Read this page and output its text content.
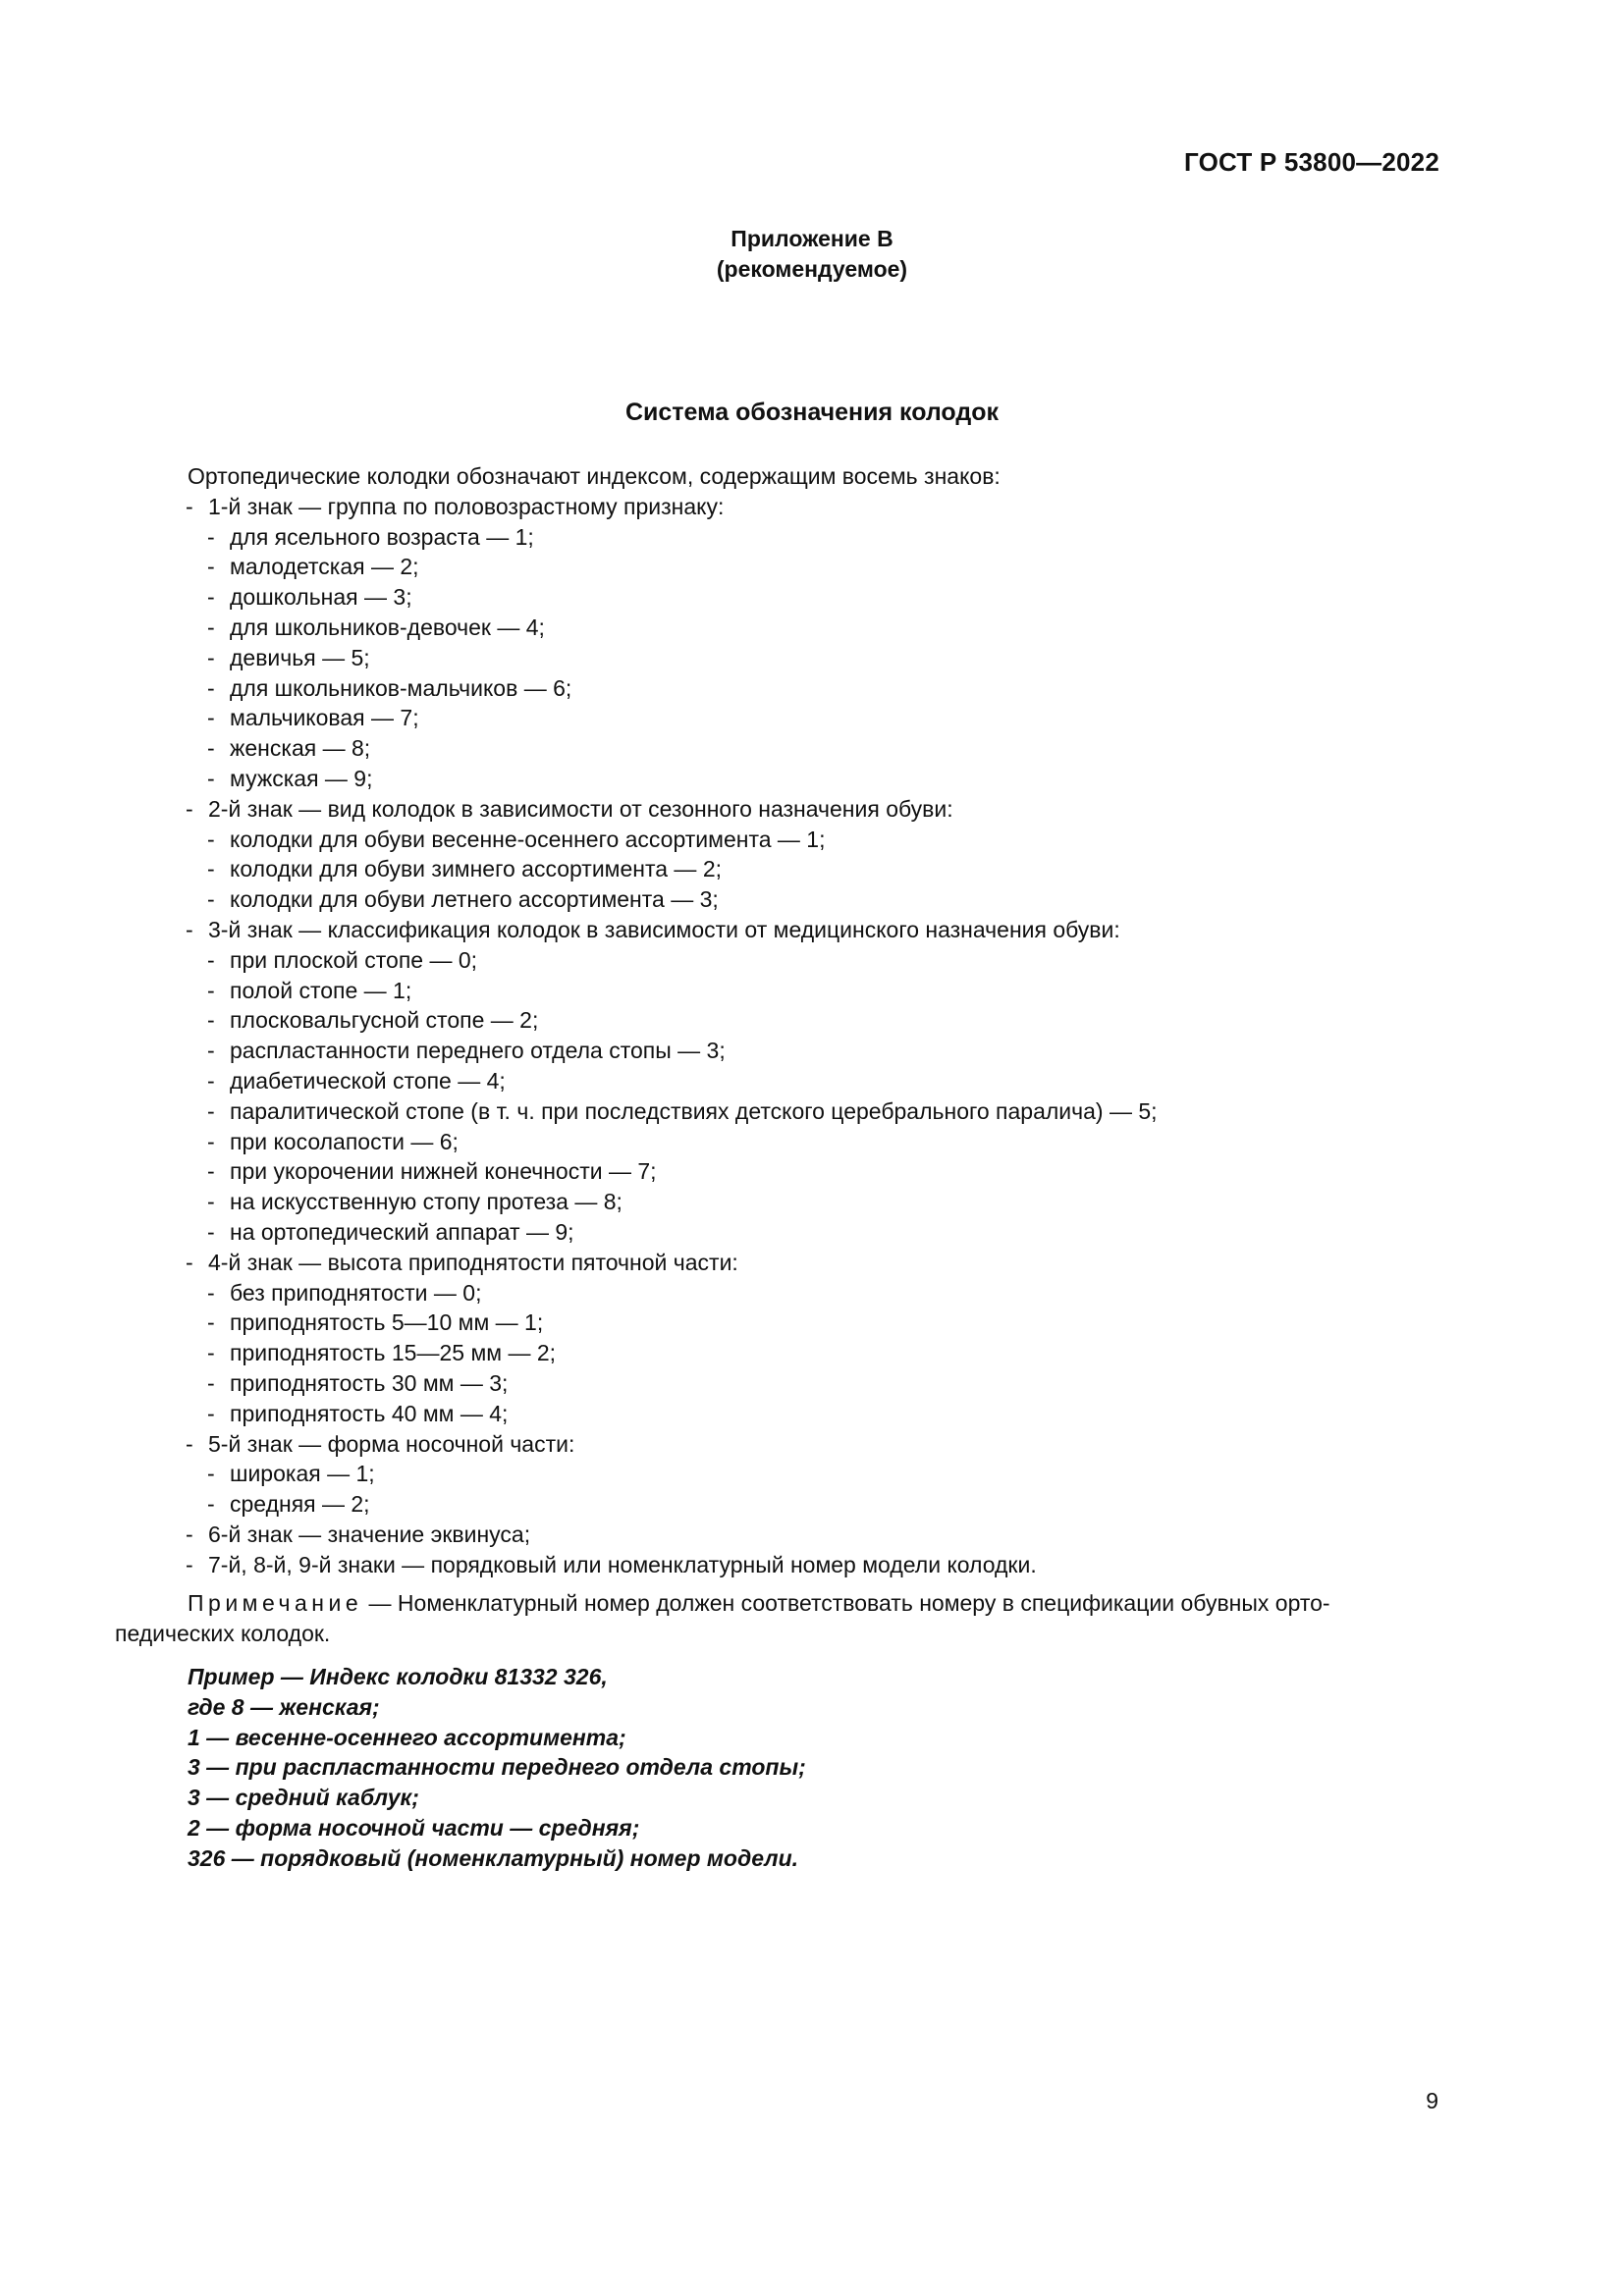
ГОСТ Р 53800—2022
Приложение В
(рекомендуемое)
Система обозначения колодок
Ортопедические колодки обозначают индексом, содержащим восемь знаков:
- 1-й знак — группа по половозрастному признаку:
- для ясельного возраста — 1;
- малодетская — 2;
- дошкольная — 3;
- для школьников-девочек — 4;
- девичья — 5;
- для школьников-мальчиков — 6;
- мальчиковая — 7;
- женская — 8;
- мужская — 9;
- 2-й знак — вид колодок в зависимости от сезонного назначения обуви:
- колодки для обуви весенне-осеннего ассортимента — 1;
- колодки для обуви зимнего ассортимента — 2;
- колодки для обуви летнего ассортимента — 3;
- 3-й знак — классификация колодок в зависимости от медицинского назначения обуви:
- при плоской стопе — 0;
- полой стопе — 1;
- плосковальгусной стопе — 2;
- распластанности переднего отдела стопы — 3;
- диабетической стопе — 4;
- паралитической стопе (в т. ч. при последствиях детского церебрального паралича) — 5;
- при косолапости — 6;
- при укорочении нижней конечности — 7;
- на искусственную стопу протеза — 8;
- на ортопедический аппарат — 9;
- 4-й знак — высота приподнятости пяточной части:
- без приподнятости — 0;
- приподнятость 5—10 мм — 1;
- приподнятость 15—25 мм — 2;
- приподнятость 30 мм — 3;
- приподнятость 40 мм — 4;
- 5-й знак — форма носочной части:
- широкая — 1;
- средняя — 2;
- 6-й знак — значение эквинуса;
- 7-й, 8-й, 9-й знаки — порядковый или номенклатурный номер модели колодки.
Примечание — Номенклатурный номер должен соответствовать номеру в спецификации обувных орто-педических колодок.
Пример — Индекс колодки 81332 326,
где 8 — женская;
1 — весенне-осеннего ассортимента;
3 — при распластанности переднего отдела стопы;
3 — средний каблук;
2 — форма носочной части — средняя;
326 — порядковый (номенклатурный) номер модели.
9
